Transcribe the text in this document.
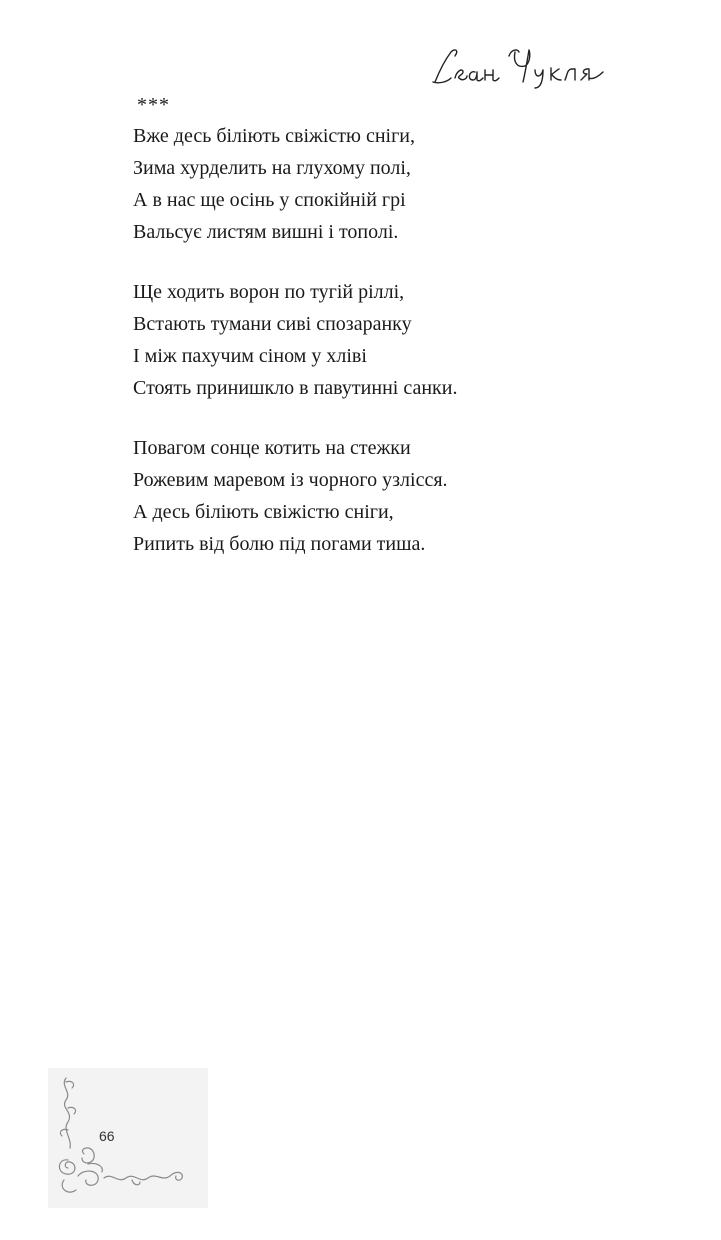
***
Вже десь біліють свіжістю сніги,
Зима хурделить на глухому полі,
А в нас ще осінь у спокійній грі
Вальсує листям вишні і тополі.
Ще ходить ворон по тугій ріллі,
Встають тумани сиві спозаранку
І між пахучим сіном у хліві
Стоять принишкло в павутинні санки.
Повагом сонце котить на стежки
Рожевим маревом із чорного узлісся.
А десь біліють свіжістю сніги,
Рипить від болю під погами тиша.
66
